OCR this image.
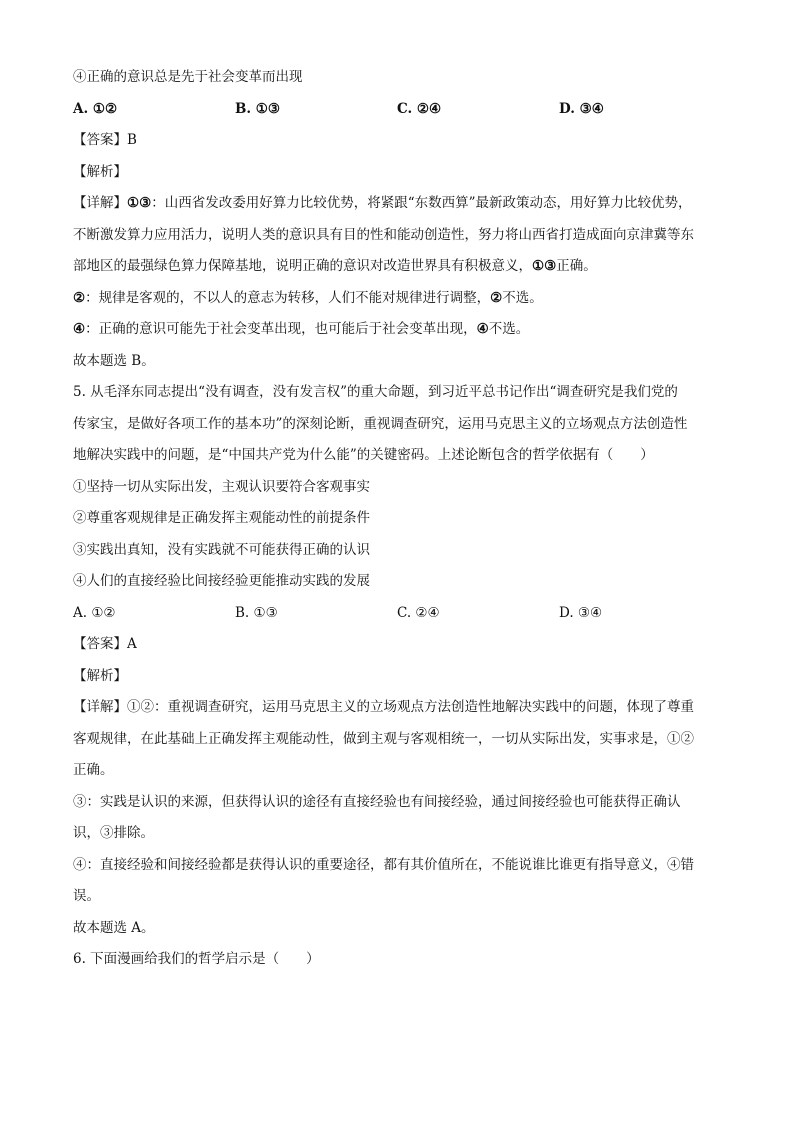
④正确的意识总是先于社会变革而出现
A. ①②	B. ①③	C. ②④	D. ③④
【答案】B
【解析】
【详解】①③：山西省发改委用好算力比较优势，将紧跟“东数西算”最新政策动态，用好算力比较优势，
不断激发算力应用活力，说明人类的意识具有目的性和能动创造性，努力将山西省打造成面向京津冀等东
部地区的最强绿色算力保障基地，说明正确的意识对改造世界具有积极意义，①③正确。
②：规律是客观的，不以人的意志为转移，人们不能对规律进行调整，②不选。
④：正确的意识可能先于社会变革出现，也可能后于社会变革出现，④不选。
故本题选 B。
5. 从毛泽东同志提出“没有调查，没有发言权”的重大命题，到习近平总书记作出“调查研究是我们党的
传家宝，是做好各项工作的基本功”的深刻论断，重视调查研究，运用马克思主义的立场观点方法创造性
地解决实践中的问题，是“中国共产党为什么能”的关键密码。上述论断包含的哲学依据有（　　）
①坚持一切从实际出发，主观认识要符合客观事实
②尊重客观规律是正确发挥主观能动性的前提条件
③实践出真知，没有实践就不可能获得正确的认识
④人们的直接经验比间接经验更能推动实践的发展
A. ①②	B. ①③	C. ②④	D. ③④
【答案】A
【解析】
【详解】①②：重视调查研究，运用马克思主义的立场观点方法创造性地解决实践中的问题，体现了尊重
客观规律，在此基础上正确发挥主观能动性，做到主观与客观相统一，一切从实际出发，实事求是，①②
正确。
③：实践是认识的来源，但获得认识的途径有直接经验也有间接经验，通过间接经验也可能获得正确认
识，③排除。
④：直接经验和间接经验都是获得认识的重要途径，都有其价值所在，不能说谁比谁更有指导意义，④错
误。
故本题选 A。
6. 下面漫画给我们的哲学启示是（　　）
